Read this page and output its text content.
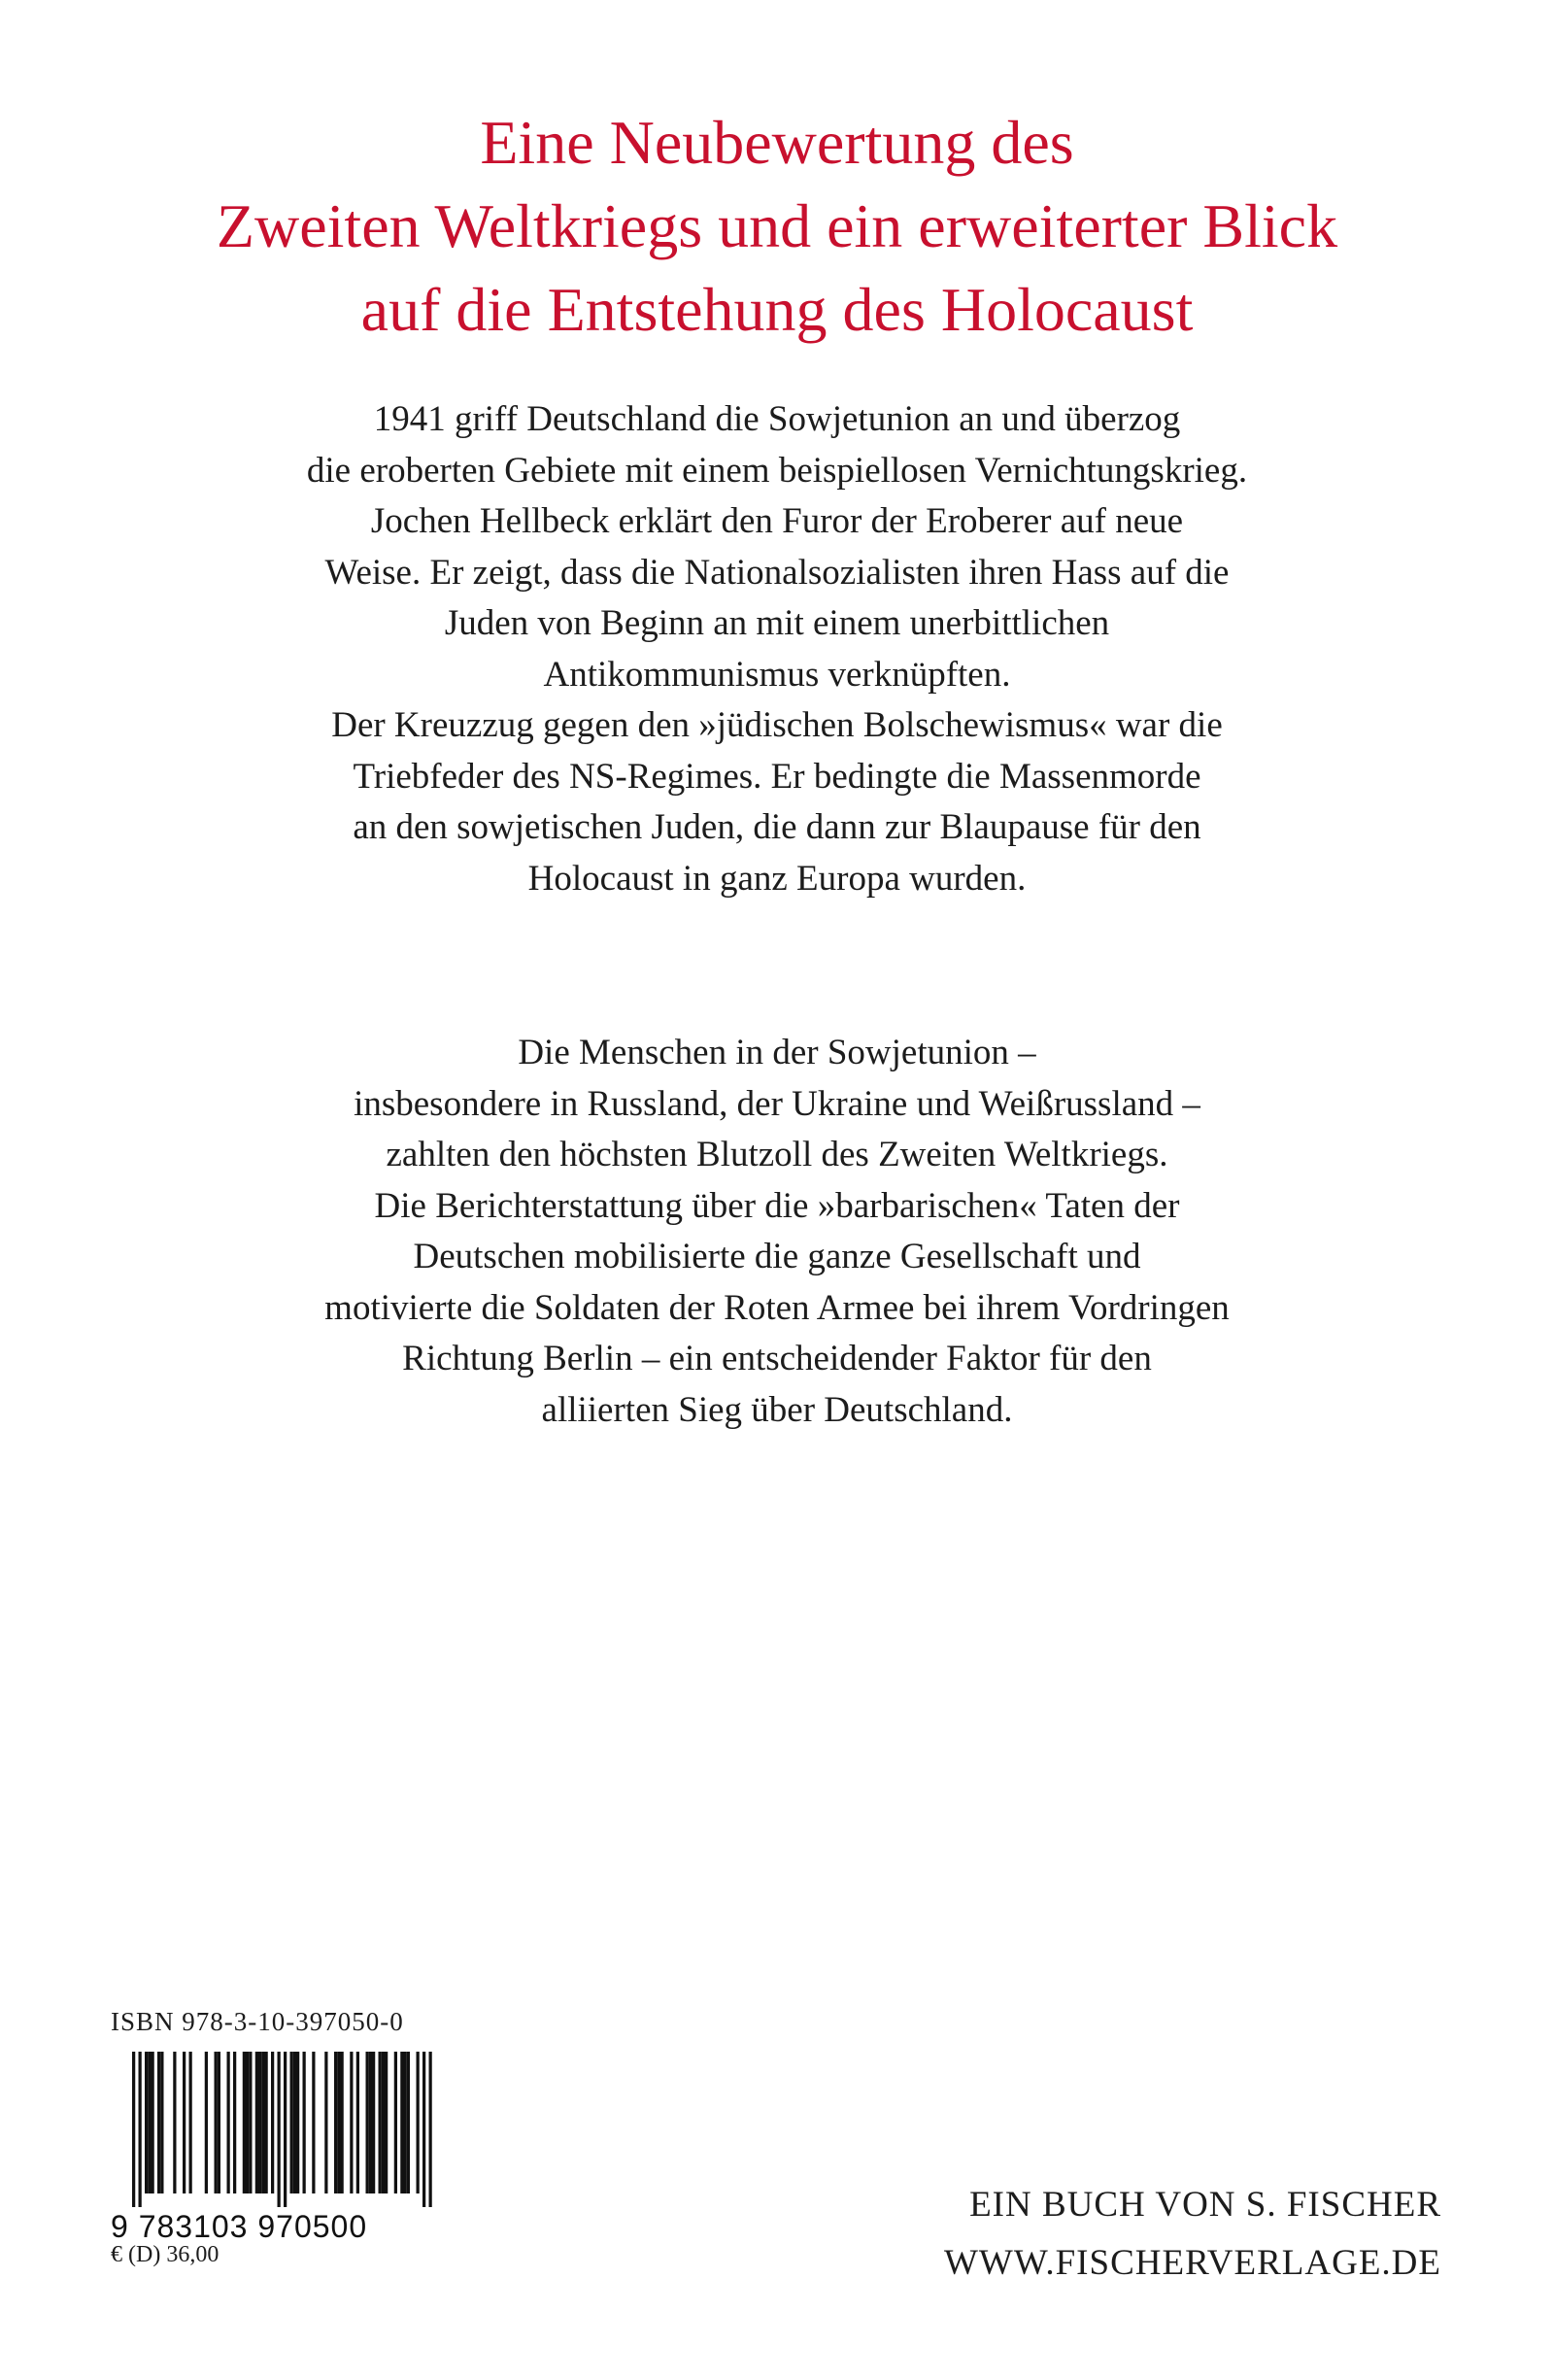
Eine Neubewertung des
Zweiten Weltkriegs und ein erweiterter Blick
auf die Entstehung des Holocaust
1941 griff Deutschland die Sowjetunion an und überzog
die eroberten Gebiete mit einem beispiellosen Vernichtungskrieg.
Jochen Hellbeck erklärt den Furor der Eroberer auf neue
Weise. Er zeigt, dass die Nationalsozialisten ihren Hass auf die
Juden von Beginn an mit einem unerbittlichen
Antikommunismus verknüpften.
Der Kreuzzug gegen den »jüdischen Bolschewismus« war die
Triebfeder des NS-Regimes. Er bedingte die Massenmorde
an den sowjetischen Juden, die dann zur Blaupause für den
Holocaust in ganz Europa wurden.
Die Menschen in der Sowjetunion –
insbesondere in Russland, der Ukraine und Weißrussland –
zahlten den höchsten Blutzoll des Zweiten Weltkriegs.
Die Berichterstattung über die »barbarischen« Taten der
Deutschen mobilisierte die ganze Gesellschaft und
motivierte die Soldaten der Roten Armee bei ihrem Vordringen
Richtung Berlin – ein entscheidender Faktor für den
alliierten Sieg über Deutschland.
ISBN 978-3-10-397050-0
9 783103 970500
€ (D) 36,00
EIN BUCH VON S. FISCHER
WWW.FISCHERVERLAGE.DE
